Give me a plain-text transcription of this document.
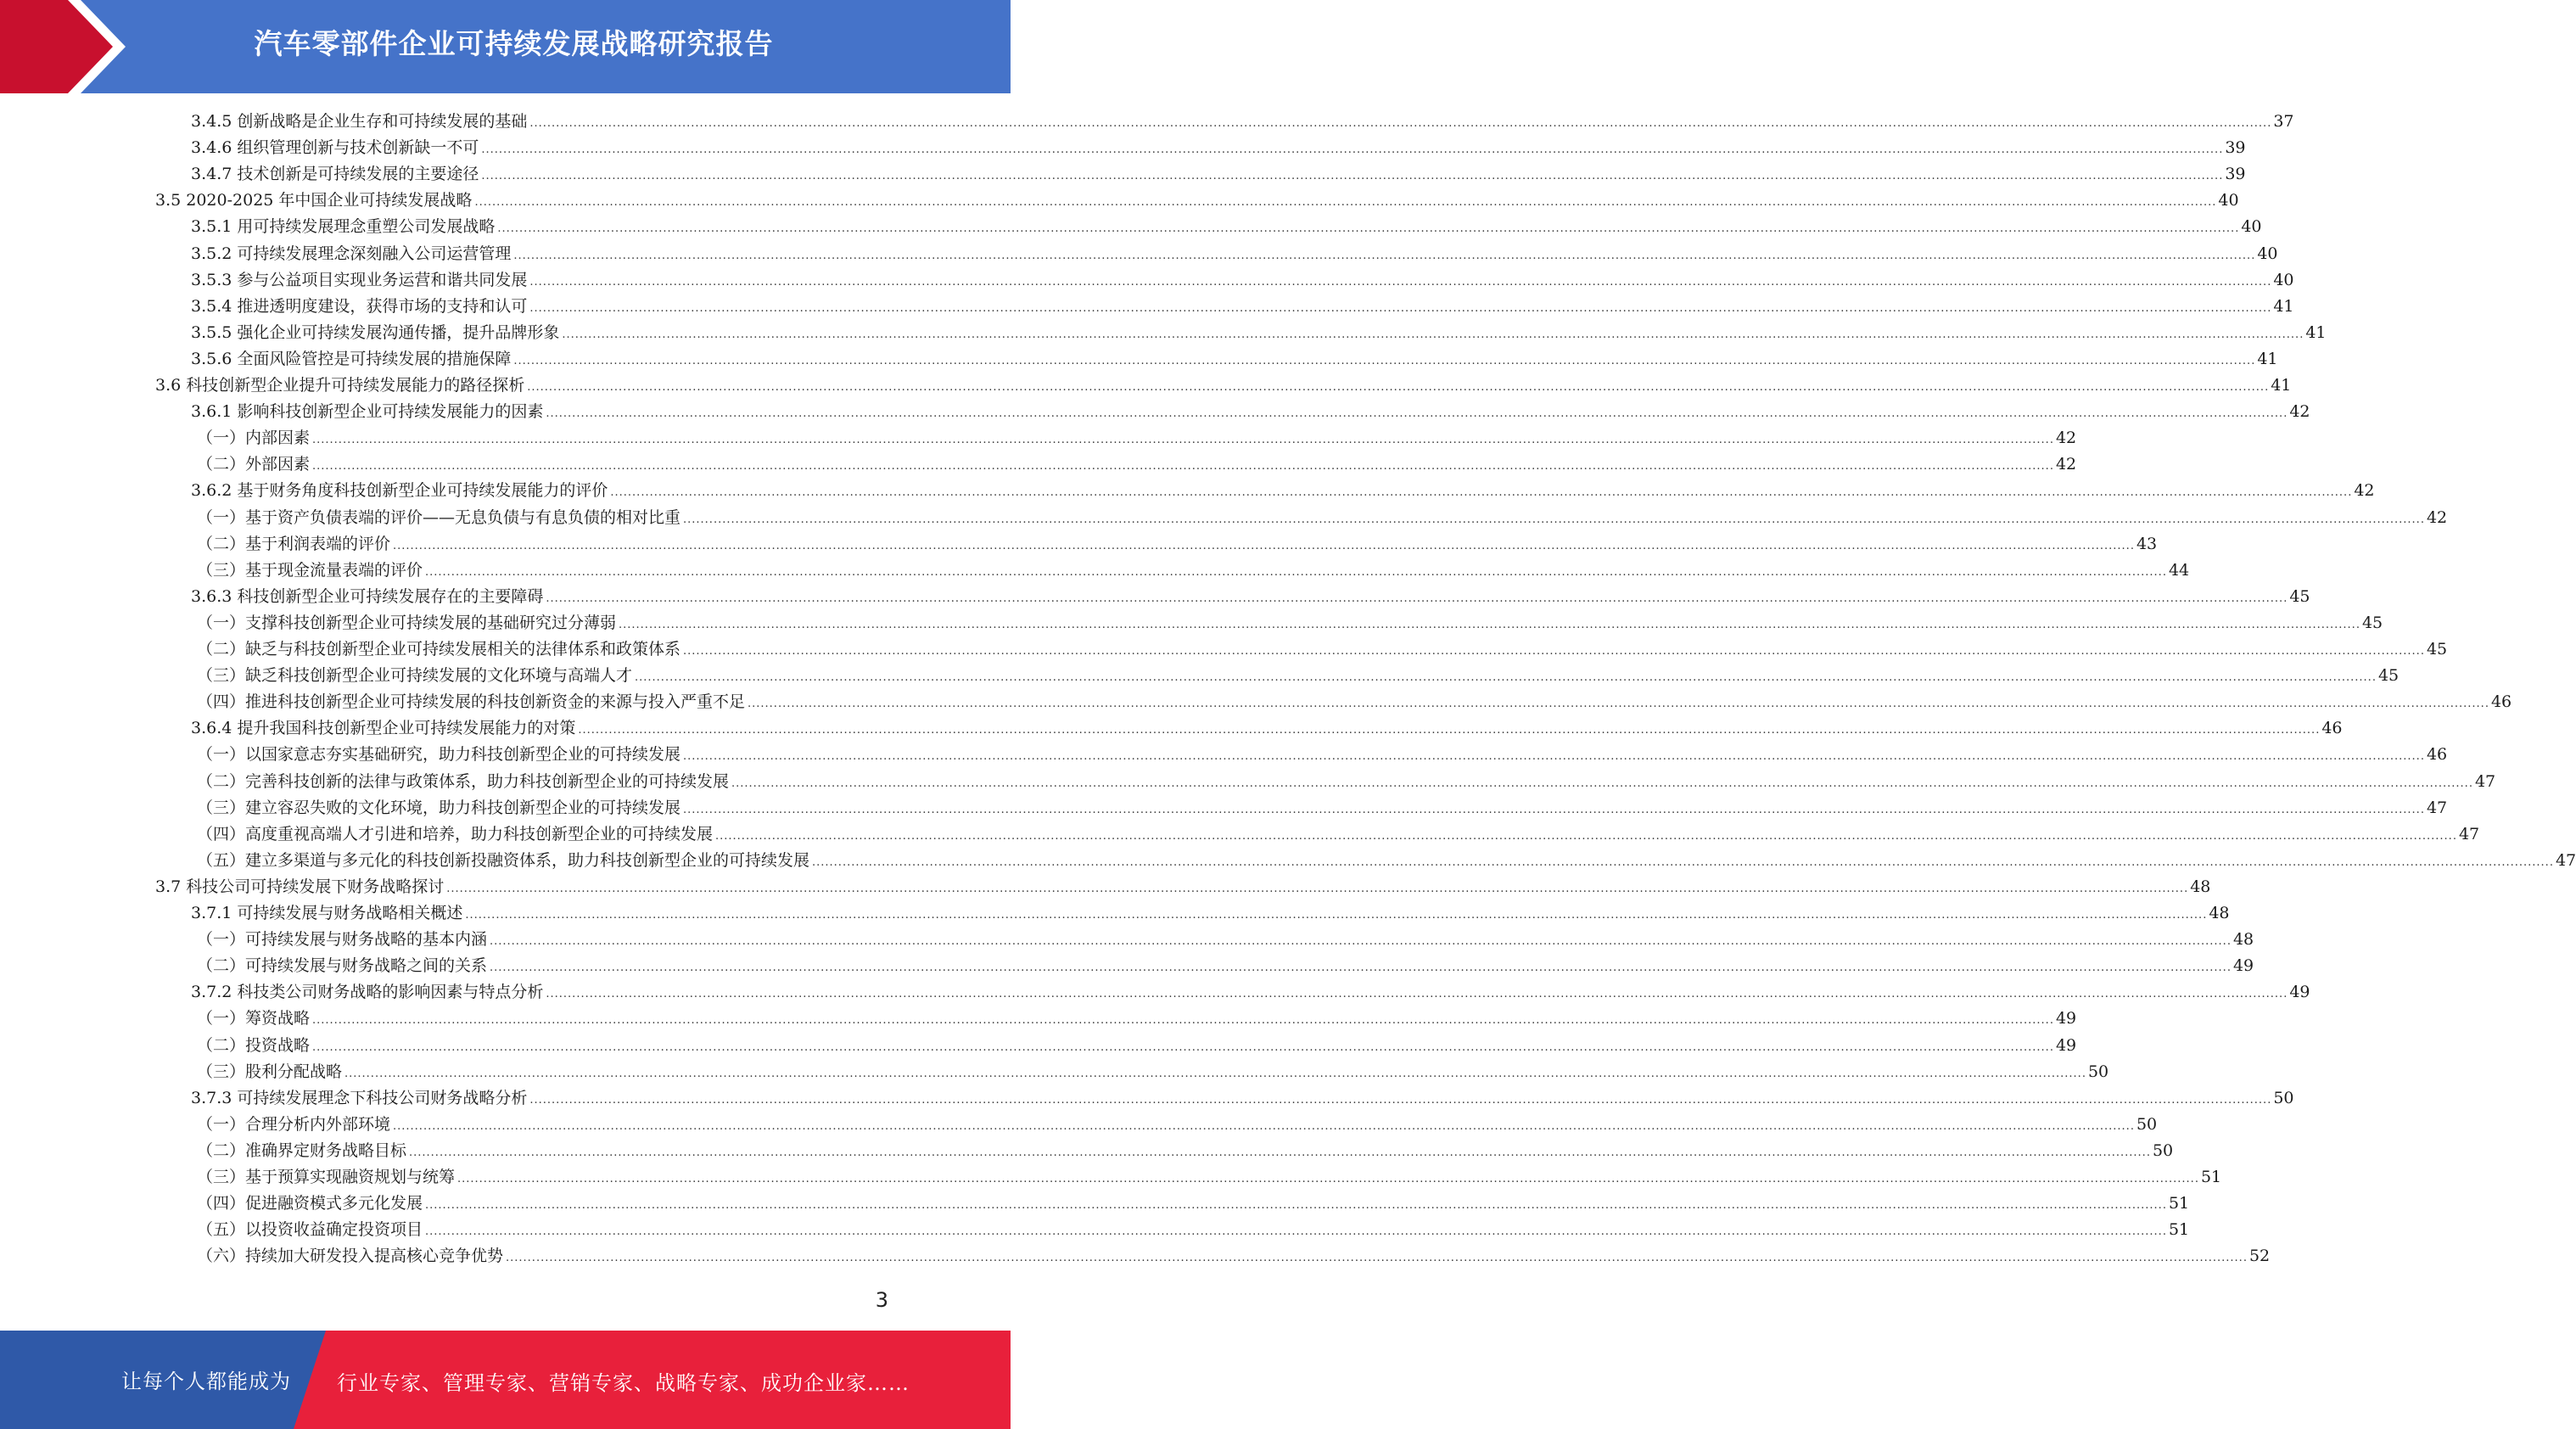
汽车零部件企业可持续发展战略研究报告
3.4.5 创新战略是企业生存和可持续发展的基础 ................................................................................................................................................................................................................................................................................................................................................................................................................ 37
3.4.6 组织管理创新与技术创新缺一不可 ................................................................................................................................................................................................................................................................................................................................................................................................................ 39
3.4.7 技术创新是可持续发展的主要途径 ................................................................................................................................................................................................................................................................................................................................................................................................................ 39
3.5 2020-2025 年中国企业可持续发展战略 ................................................................................................................................................................................................................................................................................................................................................................................................................ 40
3.5.1 用可持续发展理念重塑公司发展战略 ................................................................................................................................................................................................................................................................................................................................................................................................................ 40
3.5.2 可持续发展理念深刻融入公司运营管理 ................................................................................................................................................................................................................................................................................................................................................................................................................ 40
3.5.3 参与公益项目实现业务运营和谐共同发展 ................................................................................................................................................................................................................................................................................................................................................................................................................ 40
3.5.4 推进透明度建设，获得市场的支持和认可 ................................................................................................................................................................................................................................................................................................................................................................................................................ 41
3.5.5 强化企业可持续发展沟通传播，提升品牌形象 ................................................................................................................................................................................................................................................................................................................................................................................................................ 41
3.5.6 全面风险管控是可持续发展的措施保障 ................................................................................................................................................................................................................................................................................................................................................................................................................ 41
3.6 科技创新型企业提升可持续发展能力的路径探析 ................................................................................................................................................................................................................................................................................................................................................................................................................ 41
3.6.1 影响科技创新型企业可持续发展能力的因素 ................................................................................................................................................................................................................................................................................................................................................................................................................ 42
（一）内部因素 ................................................................................................................................................................................................................................................................................................................................................................................................................ 42
（二）外部因素 ................................................................................................................................................................................................................................................................................................................................................................................................................ 42
3.6.2 基于财务角度科技创新型企业可持续发展能力的评价 ................................................................................................................................................................................................................................................................................................................................................................................................................ 42
（一）基于资产负债表端的评价——无息负债与有息负债的相对比重 ................................................................................................................................................................................................................................................................................................................................................................................................................ 42
（二）基于利润表端的评价 ................................................................................................................................................................................................................................................................................................................................................................................................................ 43
（三）基于现金流量表端的评价 ................................................................................................................................................................................................................................................................................................................................................................................................................ 44
3.6.3 科技创新型企业可持续发展存在的主要障碍 ................................................................................................................................................................................................................................................................................................................................................................................................................ 45
（一）支撑科技创新型企业可持续发展的基础研究过分薄弱 ................................................................................................................................................................................................................................................................................................................................................................................................................ 45
（二）缺乏与科技创新型企业可持续发展相关的法律体系和政策体系 ................................................................................................................................................................................................................................................................................................................................................................................................................ 45
（三）缺乏科技创新型企业可持续发展的文化环境与高端人才 ................................................................................................................................................................................................................................................................................................................................................................................................................ 45
（四）推进科技创新型企业可持续发展的科技创新资金的来源与投入严重不足 ................................................................................................................................................................................................................................................................................................................................................................................................................ 46
3.6.4 提升我国科技创新型企业可持续发展能力的对策 ................................................................................................................................................................................................................................................................................................................................................................................................................ 46
（一）以国家意志夯实基础研究，助力科技创新型企业的可持续发展 ................................................................................................................................................................................................................................................................................................................................................................................................................ 46
（二）完善科技创新的法律与政策体系，助力科技创新型企业的可持续发展 ................................................................................................................................................................................................................................................................................................................................................................................................................ 47
（三）建立容忍失败的文化环境，助力科技创新型企业的可持续发展 ................................................................................................................................................................................................................................................................................................................................................................................................................ 47
（四）高度重视高端人才引进和培养，助力科技创新型企业的可持续发展 ................................................................................................................................................................................................................................................................................................................................................................................................................ 47
（五）建立多渠道与多元化的科技创新投融资体系，助力科技创新型企业的可持续发展 ................................................................................................................................................................................................................................................................................................................................................................................................................ 47
3.7 科技公司可持续发展下财务战略探讨 ................................................................................................................................................................................................................................................................................................................................................................................................................ 48
3.7.1 可持续发展与财务战略相关概述 ................................................................................................................................................................................................................................................................................................................................................................................................................ 48
（一）可持续发展与财务战略的基本内涵 ................................................................................................................................................................................................................................................................................................................................................................................................................ 48
（二）可持续发展与财务战略之间的关系 ................................................................................................................................................................................................................................................................................................................................................................................................................ 49
3.7.2 科技类公司财务战略的影响因素与特点分析 ................................................................................................................................................................................................................................................................................................................................................................................................................ 49
（一）筹资战略 ................................................................................................................................................................................................................................................................................................................................................................................................................ 49
（二）投资战略 ................................................................................................................................................................................................................................................................................................................................................................................................................ 49
（三）股利分配战略 ................................................................................................................................................................................................................................................................................................................................................................................................................ 50
3.7.3 可持续发展理念下科技公司财务战略分析 ................................................................................................................................................................................................................................................................................................................................................................................................................ 50
（一）合理分析内外部环境 ................................................................................................................................................................................................................................................................................................................................................................................................................ 50
（二）准确界定财务战略目标 ................................................................................................................................................................................................................................................................................................................................................................................................................ 50
（三）基于预算实现融资规划与统筹 ................................................................................................................................................................................................................................................................................................................................................................................................................ 51
（四）促进融资模式多元化发展 ................................................................................................................................................................................................................................................................................................................................................................................................................ 51
（五）以投资收益确定投资项目 ................................................................................................................................................................................................................................................................................................................................................................................................................ 51
（六）持续加大研发投入提高核心竞争优势 ................................................................................................................................................................................................................................................................................................................................................................................................................ 52
3
让每个人都能成为 行业专家、管理专家、营销专家、战略专家、成功企业家……
